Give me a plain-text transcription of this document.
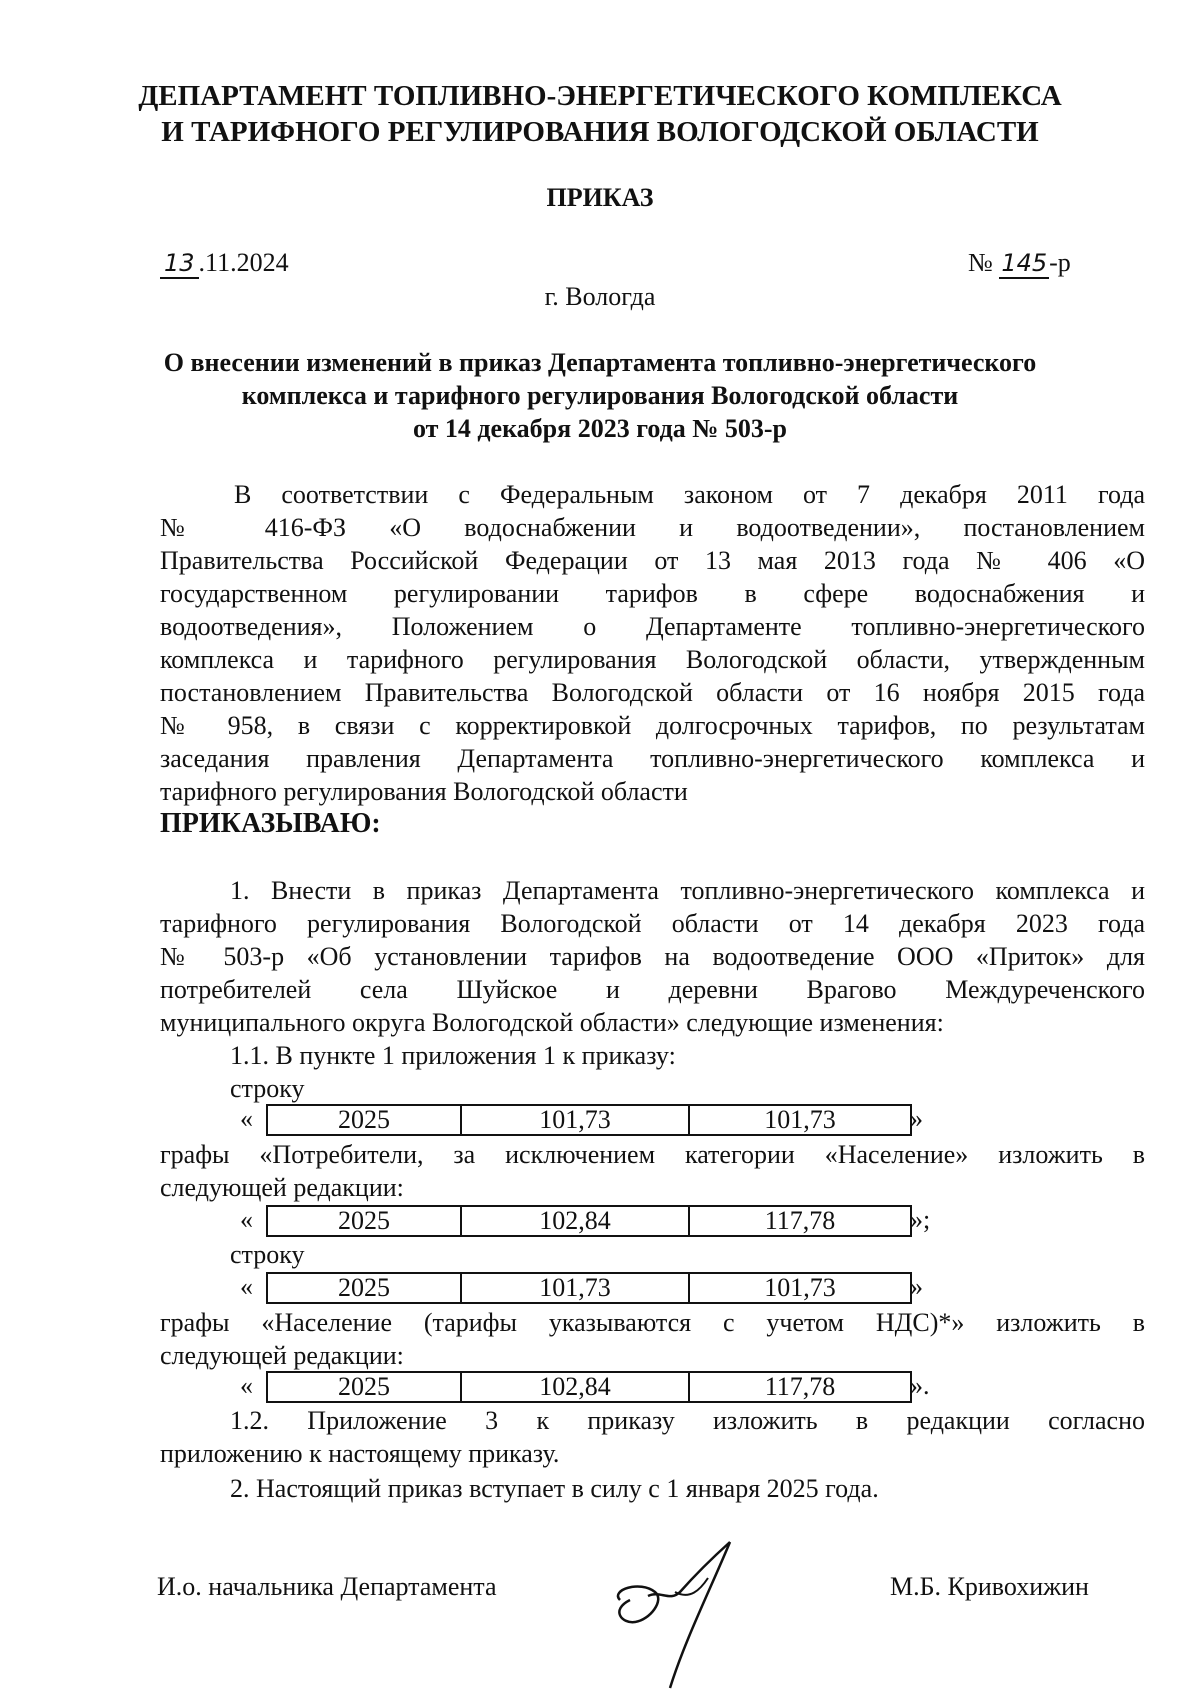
ДЕПАРТАМЕНТ ТОПЛИВНО-ЭНЕРГЕТИЧЕСКОГО КОМПЛЕКСА
И ТАРИФНОГО РЕГУЛИРОВАНИЯ ВОЛОГОДСКОЙ ОБЛАСТИ
ПРИКАЗ
13 .11.2024	№ 145-р
г. Вологда
О внесении изменений в приказ Департамента топливно-энергетического
комплекса и тарифного регулирования Вологодской области
от 14 декабря 2023 года № 503-р
В соответствии с Федеральным законом от 7 декабря 2011 года
№ 416-ФЗ «О водоснабжении и водоотведении», постановлением
Правительства Российской Федерации от 13 мая 2013 года № 406 «О
государственном регулировании тарифов в сфере водоснабжения и
водоотведения», Положением о Департаменте топливно-энергетического
комплекса и тарифного регулирования Вологодской области, утвержденным
постановлением Правительства Вологодской области от 16 ноября 2015 года
№ 958, в связи с корректировкой долгосрочных тарифов, по результатам
заседания правления Департамента топливно-энергетического комплекса и
тарифного регулирования Вологодской области
ПРИКАЗЫВАЮ:
1. Внести в приказ Департамента топливно-энергетического комплекса и
тарифного регулирования Вологодской области от 14 декабря 2023 года
№ 503-р «Об установлении тарифов на водоотведение ООО «Приток» для
потребителей села Шуйское и деревни Врагово Междуреченского
муниципального округа Вологодской области» следующие изменения:
1.1. В пункте 1 приложения 1 к приказу:
строку
«	2025	101,73	101,73	»
графы «Потребители, за исключением категории «Население» изложить в
следующей редакции:
«	2025	102,84	117,78	»;
строку
«	2025	101,73	101,73	»
графы «Население (тарифы указываются с учетом НДС)*» изложить в
следующей редакции:
«	2025	102,84	117,78	».
1.2. Приложение 3 к приказу изложить в редакции согласно
приложению к настоящему приказу.
2. Настоящий приказ вступает в силу с 1 января 2025 года.
И.о. начальника Департамента	М.Б. Кривохижин
